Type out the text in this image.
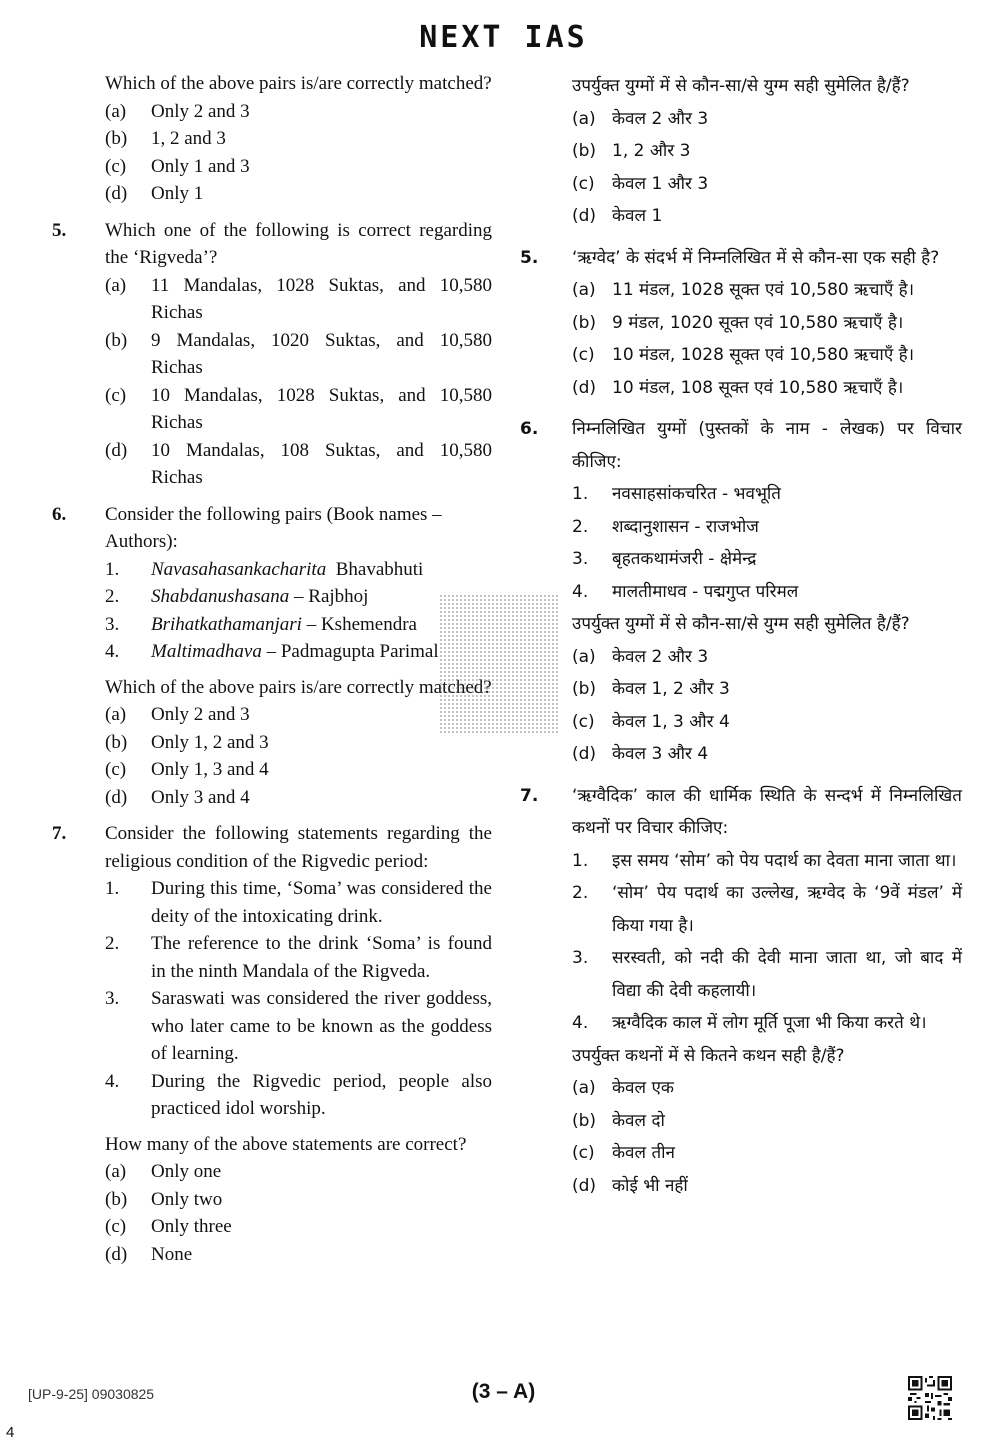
NEXT IAS
Which of the above pairs is/are correctly matched?
(a) Only 2 and 3
(b) 1, 2 and 3
(c) Only 1 and 3
(d) Only 1
5. Which one of the following is correct regarding the ‘Rigveda’?
(a) 11 Mandalas, 1028 Suktas, and 10,580 Richas
(b) 9 Mandalas, 1020 Suktas, and 10,580 Richas
(c) 10 Mandalas, 1028 Suktas, and 10,580 Richas
(d) 10 Mandalas, 108 Suktas, and 10,580 Richas
6. Consider the following pairs (Book names – Authors):
1. Navasahasankacharita Bhavabhuti
2. Shabdanushasana – Rajbhoj
3. Brihatkathamanjari – Kshemendra
4. Maltimadhava – Padmagupta Parimal
Which of the above pairs is/are correctly matched?
(a) Only 2 and 3
(b) Only 1, 2 and 3
(c) Only 1, 3 and 4
(d) Only 3 and 4
7. Consider the following statements regarding the religious condition of the Rigvedic period:
1. During this time, ‘Soma’ was considered the deity of the intoxicating drink.
2. The reference to the drink ‘Soma’ is found in the ninth Mandala of the Rigveda.
3. Saraswati was considered the river goddess, who later came to be known as the goddess of learning.
4. During the Rigvedic period, people also practiced idol worship.
How many of the above statements are correct?
(a) Only one
(b) Only two
(c) Only three
(d) None
उपर्युक्त युग्मों में से कौन-सा/से युग्म सही सुमेलित है/हैं?
(a) केवल 2 और 3
(b) 1, 2 और 3
(c) केवल 1 और 3
(d) केवल 1
5. ‘ऋग्वेद’ के संदर्भ में निम्नलिखित में से कौन-सा एक सही है?
(a) 11 मंडल, 1028 सूक्त एवं 10,580 ऋचाएँ है।
(b) 9 मंडल, 1020 सूक्त एवं 10,580 ऋचाएँ है।
(c) 10 मंडल, 1028 सूक्त एवं 10,580 ऋचाएँ है।
(d) 10 मंडल, 108 सूक्त एवं 10,580 ऋचाएँ है।
6. निम्नलिखित युग्मों (पुस्तकों के नाम - लेखक) पर विचार कीजिए:
1. नवसाहसांकचरित - भवभूति
2. शब्दानुशासन - राजभोज
3. बृहतकथामंजरी - क्षेमेन्द्र
4. मालतीमाधव - पद्मगुप्त परिमल
उपर्युक्त युग्मों में से कौन-सा/से युग्म सही सुमेलित है/हैं?
(a) केवल 2 और 3
(b) केवल 1, 2 और 3
(c) केवल 1, 3 और 4
(d) केवल 3 और 4
7. ‘ऋग्वैदिक’ काल की धार्मिक स्थिति के सन्दर्भ में निम्नलिखित कथनों पर विचार कीजिए:
1. इस समय ‘सोम’ को पेय पदार्थ का देवता माना जाता था।
2. ‘सोम’ पेय पदार्थ का उल्लेख, ऋग्वेद के ‘9वें मंडल’ में किया गया है।
3. सरस्वती, को नदी की देवी माना जाता था, जो बाद में विद्या की देवी कहलायी।
4. ऋग्वैदिक काल में लोग मूर्ति पूजा भी किया करते थे।
उपर्युक्त कथनों में से कितने कथन सही है/हैं?
(a) केवल एक
(b) केवल दो
(c) केवल तीन
(d) कोई भी नहीं
[UP-9-25] 09030825	(3 – A)
4
